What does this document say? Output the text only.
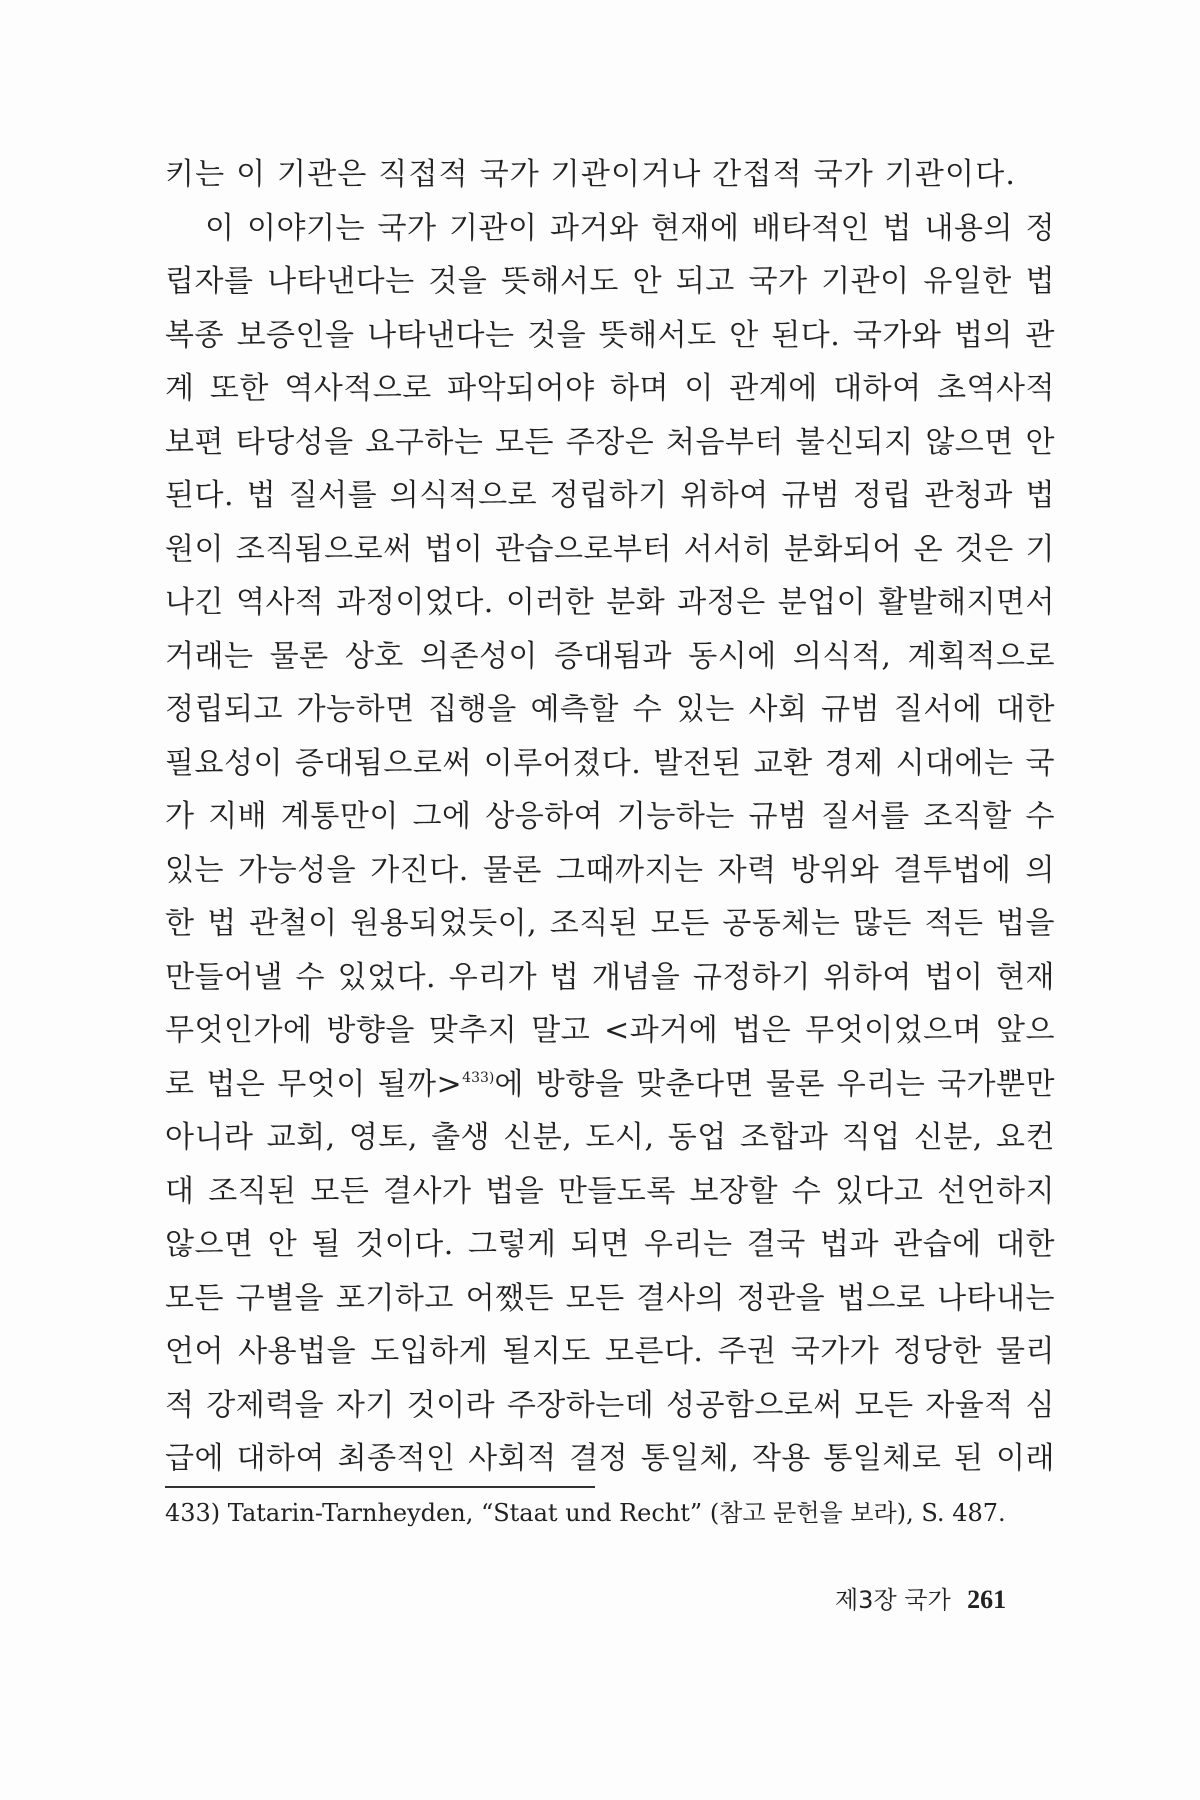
키는 이 기관은 직접적 국가 기관이거나 간접적 국가 기관이다.
이 이야기는 국가 기관이 과거와 현재에 배타적인 법 내용의 정
립자를 나타낸다는 것을 뜻해서도 안 되고 국가 기관이 유일한 법
복종 보증인을 나타낸다는 것을 뜻해서도 안 된다. 국가와 법의 관
계 또한 역사적으로 파악되어야 하며 이 관계에 대하여 초역사적
보편 타당성을 요구하는 모든 주장은 처음부터 불신되지 않으면 안
된다. 법 질서를 의식적으로 정립하기 위하여 규범 정립 관청과 법
원이 조직됨으로써 법이 관습으로부터 서서히 분화되어 온 것은 기
나긴 역사적 과정이었다. 이러한 분화 과정은 분업이 활발해지면서
거래는 물론 상호 의존성이 증대됨과 동시에 의식적, 계획적으로
정립되고 가능하면 집행을 예측할 수 있는 사회 규범 질서에 대한
필요성이 증대됨으로써 이루어졌다. 발전된 교환 경제 시대에는 국
가 지배 계통만이 그에 상응하여 기능하는 규범 질서를 조직할 수
있는 가능성을 가진다. 물론 그때까지는 자력 방위와 결투법에 의
한 법 관철이 원용되었듯이, 조직된 모든 공동체는 많든 적든 법을
만들어낼 수 있었다. 우리가 법 개념을 규정하기 위하여 법이 현재
무엇인가에 방향을 맞추지 말고 <과거에 법은 무엇이었으며 앞으
로 법은 무엇이 될까>$^{433)}$에 방향을 맞춘다면 물론 우리는 국가뿐만
아니라 교회, 영토, 출생 신분, 도시, 동업 조합과 직업 신분, 요컨
대 조직된 모든 결사가 법을 만들도록 보장할 수 있다고 선언하지
않으면 안 될 것이다. 그렇게 되면 우리는 결국 법과 관습에 대한
모든 구별을 포기하고 어쨌든 모든 결사의 정관을 법으로 나타내는
언어 사용법을 도입하게 될지도 모른다. 주권 국가가 정당한 물리
적 강제력을 자기 것이라 주장하는데 성공함으로써 모든 자율적 심
급에 대하여 최종적인 사회적 결정 통일체, 작용 통일체로 된 이래
433) Tatarin-Tarnheyden, “Staat und Recht” (참고 문헌을 보라), S. 487.
제3장 국가 261
